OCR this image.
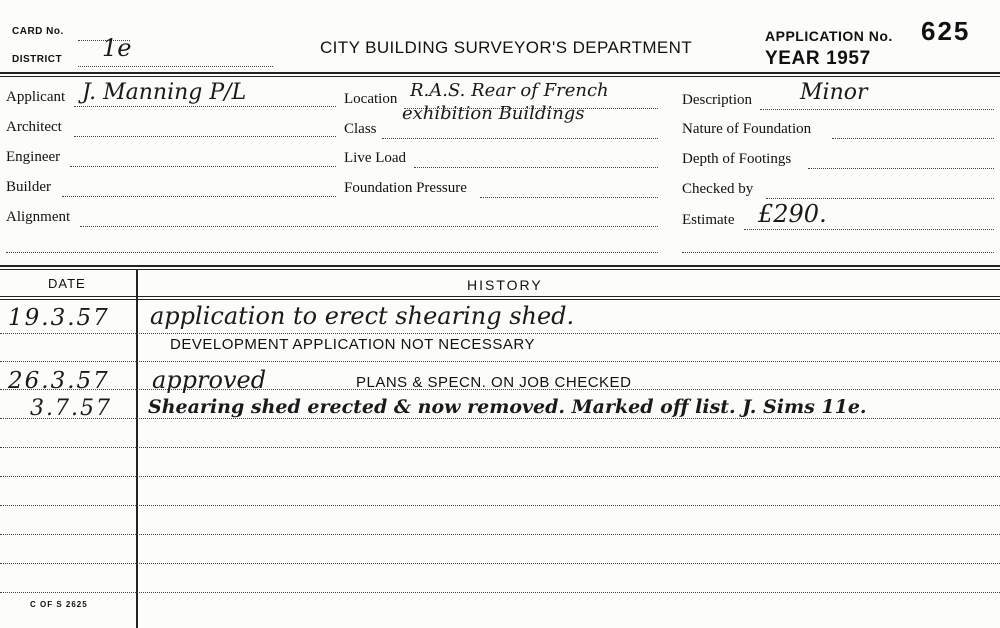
CARD No.
DISTRICT 1e	CITY BUILDING SURVEYOR'S DEPARTMENT
APPLICATION No. 625
YEAR 1957
Applicant J. Manning P/L
Architect
Engineer
Builder
Alignment
Location R.A.S. Rear of French
exhibition Buildings
Class
Live Load
Foundation Pressure
Description Minor
Nature of Foundation
Depth of Footings
Checked by
Estimate £290.
DATE	HISTORY
19.3.57 application to erect shearing shed.
DEVELOPMENT APPLICATION NOT NECESSARY
26.3.57 approved	PLANS & SPECN. ON JOB CHECKED
3.7.57 Shearing shed erected & now removed. Marked off list. J. Sims 11e.
C OF S 2625
